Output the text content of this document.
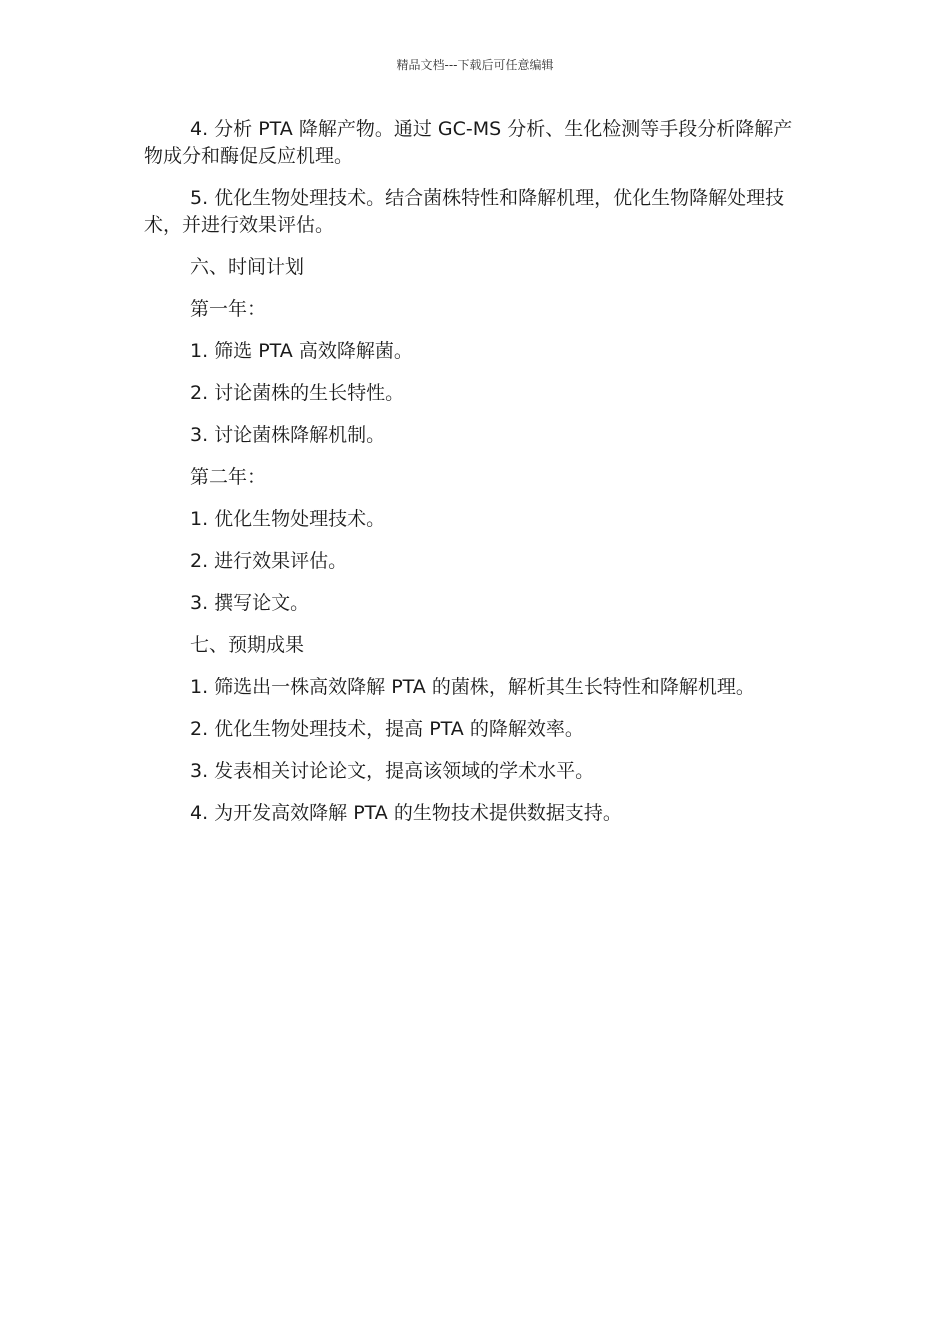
精品文档---下载后可任意编辑

4. 分析 PTA 降解产物。通过 GC-MS 分析、生化检测等手段分析降解产物成分和酶促反应机理。

5. 优化生物处理技术。结合菌株特性和降解机理，优化生物降解处理技术，并进行效果评估。

六、时间计划

第一年：

1. 筛选 PTA 高效降解菌。

2. 讨论菌株的生长特性。

3. 讨论菌株降解机制。

第二年：

1. 优化生物处理技术。

2. 进行效果评估。

3. 撰写论文。

七、预期成果

1. 筛选出一株高效降解 PTA 的菌株，解析其生长特性和降解机理。

2. 优化生物处理技术，提高 PTA 的降解效率。

3. 发表相关讨论论文，提高该领域的学术水平。

4. 为开发高效降解 PTA 的生物技术提供数据支持。
